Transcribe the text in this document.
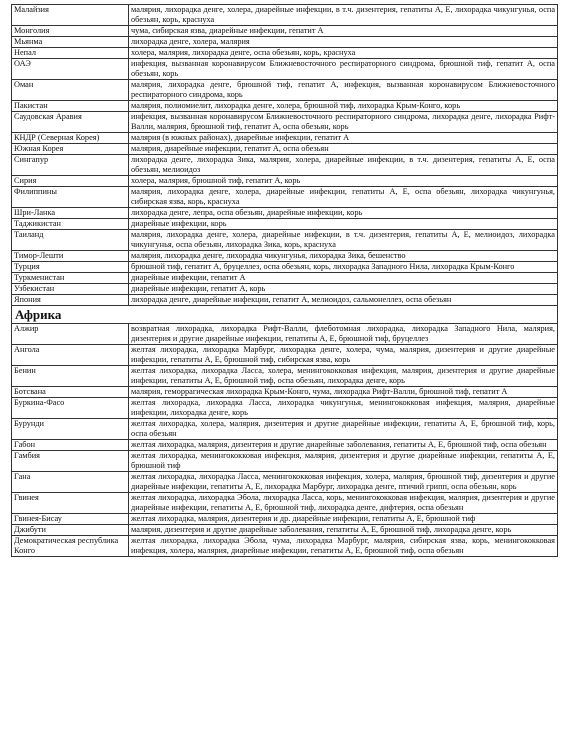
Малайзия	малярия, лихорадка денге, холера, диарейные инфекции, в т.ч. дизентерия, гепатиты А, Е, лихорадка чикунгунья, оспа обезьян, корь, краснуха
Монголия	чума, сибирская язва, диарейные инфекции, гепатит А
Мьянма	лихорадка денге, холера, малярия
Непал	холера, малярия, лихорадка денге, оспа обезьян, корь, краснуха
ОАЭ	инфекция, вызванная коронавирусом Ближневосточного респираторного синдрома, брюшной тиф, гепатит А, оспа обезьян, корь
Оман	малярия, лихорадка денге, брюшной тиф, гепатит А, инфекция, вызванная коронавирусом Ближневосточного респираторного синдрома, корь
Пакистан	малярия, полиомиелит, лихорадка денге, холера, брюшной тиф, лихорадка Крым-Конго, корь
Саудовская Аравия	инфекция, вызванная коронавирусом Ближневосточного респираторного синдрома, лихорадка денге, лихорадка Рифт-Валли, малярия, брюшной тиф, гепатит А, оспа обезьян, корь
КНДР (Северная Корея)	малярия (в южных районах), диарейные инфекции, гепатит А
Южная Корея	малярия, диарейные инфекции, гепатит А, оспа обезьян
Сингапур	лихорадка денге, лихорадка Зика, малярия, холера, диарейные инфекции, в т.ч. дизентерия, гепатиты А, Е, оспа обезьян, мелиоидоз
Сирия	холера, малярия, брюшной тиф, гепатит А, корь
Филиппины	малярия, лихорадка денге, холера, диарейные инфекции, гепатиты А, Е, оспа обезьян, лихорадка чикунгунья, сибирская язва, корь, краснуха
Шри-Ланка	лихорадка денге, лепра, оспа обезьян, диарейные инфекции, корь
Таджикистан	диарейные инфекции, корь
Таиланд	малярия, лихорадка денге, холера, диарейные инфекции, в т.ч. дизентерия, гепатиты А, Е, мелиоидоз, лихорадка чикунгунья, оспа обезьян, лихорадка Зика, корь, краснуха
Тимор-Лешти	малярия, лихорадка денге, лихорадка чикунгунья, лихорадка Зика, бешенство
Турция	брюшной тиф, гепатит А, бруцеллез, оспа обезьян, корь, лихорадка Западного Нила, лихорадка Крым-Конго
Туркменистан	диарейные инфекции, гепатит А
Узбекистан	диарейные инфекции, гепатит А, корь
Япония	лихорадка денге, диарейные инфекции, гепатит А, мелиоидоз, сальмонеллез, оспа обезьян
Африка	
Алжир	возвратная лихорадка, лихорадка Рифт-Валли, флеботомная лихорадка, лихорадка Западного Нила, малярия, дизентерия и другие диарейные инфекции, гепатиты А, Е, брюшной тиф, бруцеллез
Ангола	желтая лихорадка, лихорадка Марбург, лихорадка денге, холера, чума, малярия, дизентерия и другие диарейные инфекции, гепатиты А, Е, брюшной тиф, сибирская язва, корь
Бенин	желтая лихорадка, лихорадка Ласса, холера, менингококковая инфекция, малярия, дизентерия и другие диарейные инфекции, гепатиты А, Е, брюшной тиф, оспа обезьян, лихорадка денге, корь
Ботсвана	малярия, геморрагическая лихорадка Крым-Конго, чума, лихорадка Рифт-Валли, брюшной тиф, гепатит А
Буркина-Фасо	желтая лихорадка, лихорадка Ласса, лихорадка чикунгунья, менингококковая инфекция, малярия, диарейные инфекции, лихорадка денге, корь
Бурунди	желтая лихорадка, холера, малярия, дизентерия и другие диарейные инфекции, гепатиты А, Е, брюшной тиф, корь, оспа обезьян
Габон	желтая лихорадка, малярия, дизентерия и другие диарейные заболевания, гепатиты А, Е, брюшной тиф, оспа обезьян
Гамбия	желтая лихорадка, менингококковая инфекция, малярия, дизентерия и другие диарейные инфекции, гепатиты А, Е, брюшной тиф
Гана	желтая лихорадка, лихорадка Ласса, менингококковая инфекция, холера, малярия, брюшной тиф, дизентерия и другие диарейные инфекции, гепатиты А, Е, лихорадка Марбург, лихорадка денге, птичий грипп, оспа обезьян, корь
Гвинея	желтая лихорадка, лихорадка Эбола, лихорадка Ласса, корь, менингококковая инфекция, малярия, дизентерия и другие диарейные инфекции, гепатиты А, Е, брюшной тиф, лихорадка денге, дифтерия, оспа обезьян
Гвинея-Бисау	желтая лихорадка, малярия, дизентерия и др. диарейные инфекции, гепатиты А, Е, брюшной тиф
Джибути	малярия, дизентерия и другие диарейные заболевания, гепатиты А, Е, брюшной тиф, лихорадка денге, корь
Демократическая республика Конго	желтая лихорадка, лихорадка Эбола, чума, лихорадка Марбург, малярия, сибирская язва, корь, менингококковая инфекция, холера, малярия, диарейные инфекции, гепатиты А, Е, брюшной тиф, оспа обезьян
